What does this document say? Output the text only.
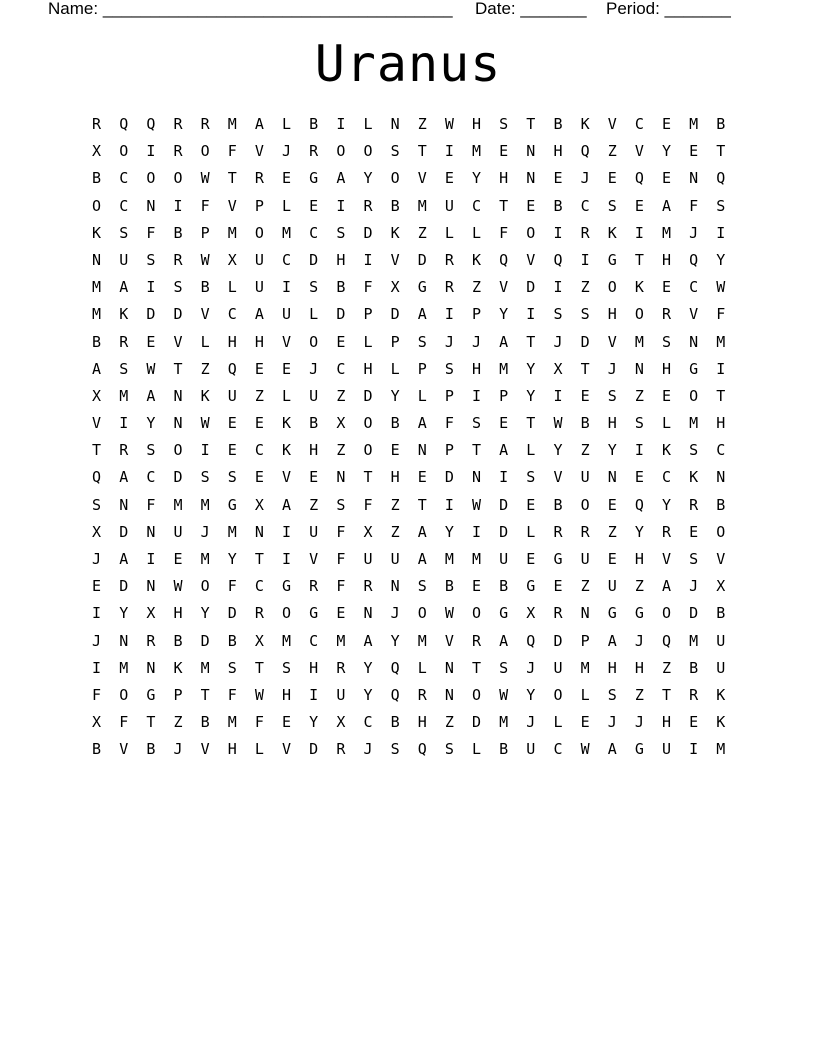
Name: _____________________________________ Date: _______ Period: _______
Uranus
R	Q	Q	R	R	M	A	L	B	I	L	N	Z	W	H	S	T	B	K	V	C	E	M	B
X	O	I	R	O	F	V	J	R	O	O	S	T	I	M	E	N	H	Q	Z	V	Y	E	T
B	C	O	O	W	T	R	E	G	A	Y	O	V	E	Y	H	N	E	J	E	Q	E	N	Q
O	C	N	I	F	V	P	L	E	I	R	B	M	U	C	T	E	B	C	S	E	A	F	S
K	S	F	B	P	M	O	M	C	S	D	K	Z	L	L	F	O	I	R	K	I	M	J	I
N	U	S	R	W	X	U	C	D	H	I	V	D	R	K	Q	V	Q	I	G	T	H	Q	Y
M	A	I	S	B	L	U	I	S	B	F	X	G	R	Z	V	D	I	Z	O	K	E	C	W
M	K	D	D	V	C	A	U	L	D	P	D	A	I	P	Y	I	S	S	H	O	R	V	F
B	R	E	V	L	H	H	V	O	E	L	P	S	J	J	A	T	J	D	V	M	S	N	M
A	S	W	T	Z	Q	E	E	J	C	H	L	P	S	H	M	Y	X	T	J	N	H	G	I
X	M	A	N	K	U	Z	L	U	Z	D	Y	L	P	I	P	Y	I	E	S	Z	E	O	T
V	I	Y	N	W	E	E	K	B	X	O	B	A	F	S	E	T	W	B	H	S	L	M	H
T	R	S	O	I	E	C	K	H	Z	O	E	N	P	T	A	L	Y	Z	Y	I	K	S	C
Q	A	C	D	S	S	E	V	E	N	T	H	E	D	N	I	S	V	U	N	E	C	K	N
S	N	F	M	M	G	X	A	Z	S	F	Z	T	I	W	D	E	B	O	E	Q	Y	R	B
X	D	N	U	J	M	N	I	U	F	X	Z	A	Y	I	D	L	R	R	Z	Y	R	E	O
J	A	I	E	M	Y	T	I	V	F	U	U	A	M	M	U	E	G	U	E	H	V	S	V
E	D	N	W	O	F	C	G	R	F	R	N	S	B	E	B	G	E	Z	U	Z	A	J	X
I	Y	X	H	Y	D	R	O	G	E	N	J	O	W	O	G	X	R	N	G	G	O	D	B
J	N	R	B	D	B	X	M	C	M	A	Y	M	V	R	A	Q	D	P	A	J	Q	M	U
I	M	N	K	M	S	T	S	H	R	Y	Q	L	N	T	S	J	U	M	H	H	Z	B	U
F	O	G	P	T	F	W	H	I	U	Y	Q	R	N	O	W	Y	O	L	S	Z	T	R	K
X	F	T	Z	B	M	F	E	Y	X	C	B	H	Z	D	M	J	L	E	J	J	H	E	K
B	V	B	J	V	H	L	V	D	R	J	S	Q	S	L	B	U	C	W	A	G	U	I	M
